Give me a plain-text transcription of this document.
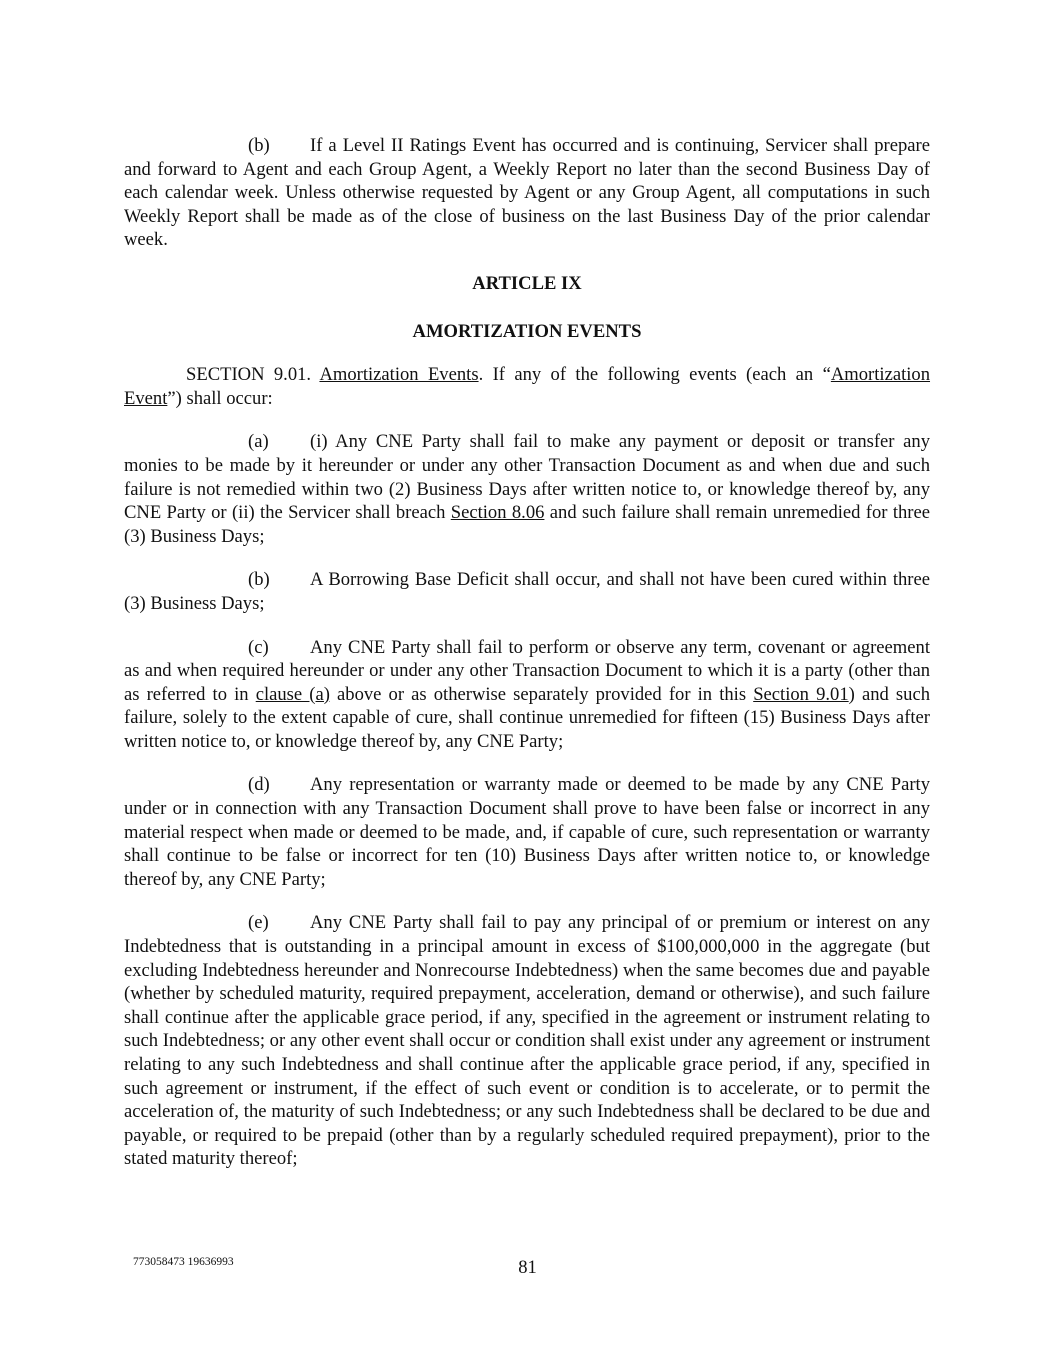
(b) If a Level II Ratings Event has occurred and is continuing, Servicer shall prepare and forward to Agent and each Group Agent, a Weekly Report no later than the second Business Day of each calendar week. Unless otherwise requested by Agent or any Group Agent, all computations in such Weekly Report shall be made as of the close of business on the last Business Day of the prior calendar week.

ARTICLE IX

AMORTIZATION EVENTS

SECTION 9.01. Amortization Events. If any of the following events (each an “Amortization Event”) shall occur:

(a) (i) Any CNE Party shall fail to make any payment or deposit or transfer any monies to be made by it hereunder or under any other Transaction Document as and when due and such failure is not remedied within two (2) Business Days after written notice to, or knowledge thereof by, any CNE Party or (ii) the Servicer shall breach Section 8.06 and such failure shall remain unremedied for three (3) Business Days;

(b) A Borrowing Base Deficit shall occur, and shall not have been cured within three (3) Business Days;

(c) Any CNE Party shall fail to perform or observe any term, covenant or agreement as and when required hereunder or under any other Transaction Document to which it is a party (other than as referred to in clause (a) above or as otherwise separately provided for in this Section 9.01) and such failure, solely to the extent capable of cure, shall continue unremedied for fifteen (15) Business Days after written notice to, or knowledge thereof by, any CNE Party;

(d) Any representation or warranty made or deemed to be made by any CNE Party under or in connection with any Transaction Document shall prove to have been false or incorrect in any material respect when made or deemed to be made, and, if capable of cure, such representation or warranty shall continue to be false or incorrect for ten (10) Business Days after written notice to, or knowledge thereof by, any CNE Party;

(e) Any CNE Party shall fail to pay any principal of or premium or interest on any Indebtedness that is outstanding in a principal amount in excess of $100,000,000 in the aggregate (but excluding Indebtedness hereunder and Nonrecourse Indebtedness) when the same becomes due and payable (whether by scheduled maturity, required prepayment, acceleration, demand or otherwise), and such failure shall continue after the applicable grace period, if any, specified in the agreement or instrument relating to such Indebtedness; or any other event shall occur or condition shall exist under any agreement or instrument relating to any such Indebtedness and shall continue after the applicable grace period, if any, specified in such agreement or instrument, if the effect of such event or condition is to accelerate, or to permit the acceleration of, the maturity of such Indebtedness; or any such Indebtedness shall be declared to be due and payable, or required to be prepaid (other than by a regularly scheduled required prepayment), prior to the stated maturity thereof;

773058473 19636993	81
